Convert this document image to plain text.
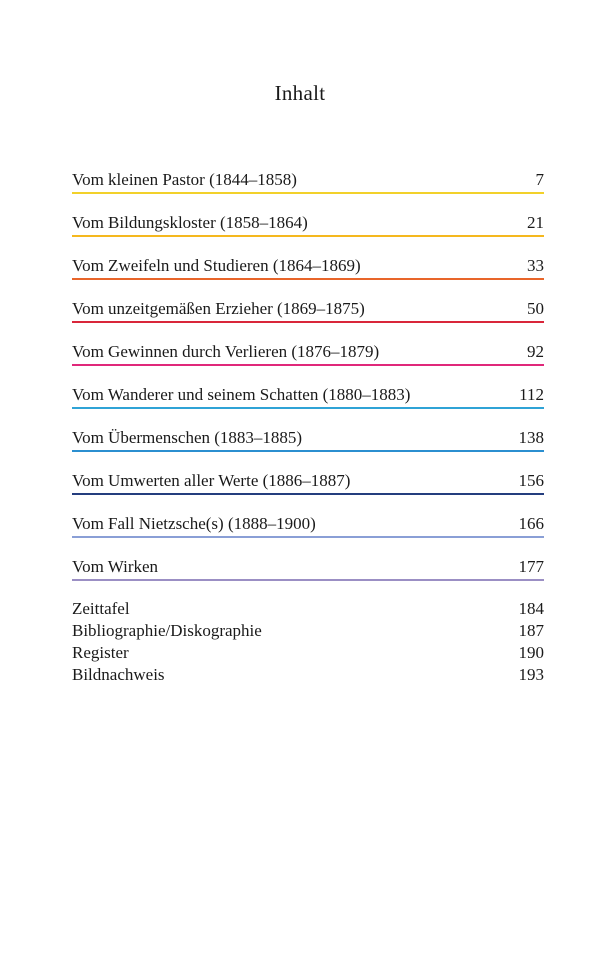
Inhalt
Vom kleinen Pastor (1844–1858)	7
Vom Bildungskloster (1858–1864)	21
Vom Zweifeln und Studieren (1864–1869)	33
Vom unzeitgemäßen Erzieher (1869–1875)	50
Vom Gewinnen durch Verlieren (1876–1879)	92
Vom Wanderer und seinem Schatten (1880–1883)	112
Vom Übermenschen (1883–1885)	138
Vom Umwerten aller Werte (1886–1887)	156
Vom Fall Nietzsche(s) (1888–1900)	166
Vom Wirken	177
Zeittafel	184
Bibliographie/Diskographie	187
Register	190
Bildnachweis	193
